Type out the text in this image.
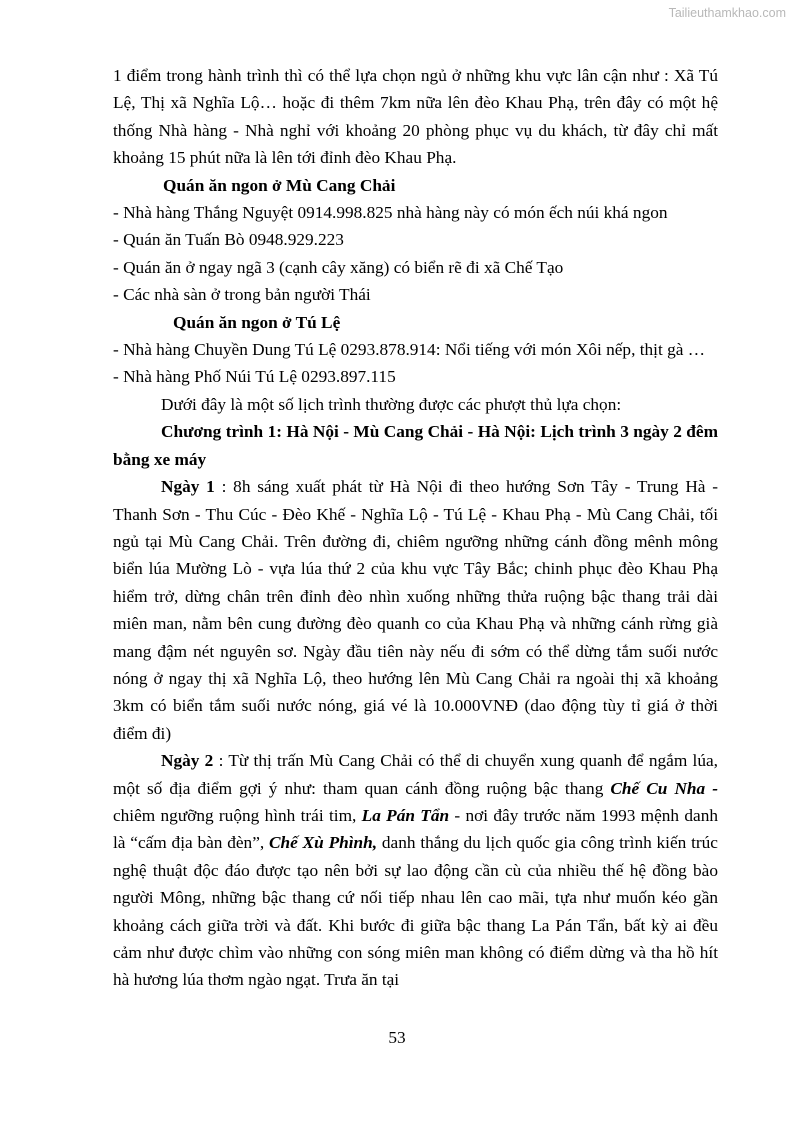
Tailieuthamkhao.com

1 điểm trong hành trình thì có thể lựa chọn ngủ ở những khu vực lân cận như : Xã Tú Lệ, Thị xã Nghĩa Lộ… hoặc đi thêm 7km nữa lên đèo Khau Phạ, trên đây có một hệ thống Nhà hàng - Nhà nghỉ với khoảng 20 phòng phục vụ du khách, từ đây chỉ mất khoảng 15 phút nữa là lên tới đỉnh đèo Khau Phạ.

Quán ăn ngon ở Mù Cang Chải

- Nhà hàng Thắng Nguyệt 0914.998.825 nhà hàng này có món ếch núi khá ngon

- Quán ăn Tuấn Bò 0948.929.223

- Quán ăn ở ngay ngã 3 (cạnh cây xăng) có biển rẽ đi xã Chế Tạo

- Các nhà sàn ở trong bản người Thái

Quán ăn ngon ở Tú Lệ

- Nhà hàng Chuyền Dung Tú Lệ 0293.878.914: Nổi tiếng với món Xôi nếp, thịt gà …

- Nhà hàng Phố Núi Tú Lệ 0293.897.115

Dưới đây là một số lịch trình thường được các phượt thủ lựa chọn:

Chương trình 1: Hà Nội - Mù Cang Chải - Hà Nội: Lịch trình 3 ngày 2 đêm bằng xe máy

Ngày 1 : 8h sáng xuất phát từ Hà Nội đi theo hướng Sơn Tây - Trung Hà - Thanh Sơn - Thu Cúc - Đèo Khế - Nghĩa Lộ - Tú Lệ - Khau Phạ - Mù Cang Chải, tối ngủ tại Mù Cang Chải. Trên đường đi, chiêm ngưỡng những cánh đồng mênh mông biển lúa Mường Lò - vựa lúa thứ 2 của khu vực Tây Bắc; chinh phục đèo Khau Phạ hiểm trở, dừng chân trên đỉnh đèo nhìn xuống những thửa ruộng bậc thang trải dài miên man, nằm bên cung đường đèo quanh co của Khau Phạ và những cánh rừng già mang đậm nét nguyên sơ. Ngày đầu tiên này nếu đi sớm có thể dừng tắm suối nước nóng ở ngay thị xã Nghĩa Lộ, theo hướng lên Mù Cang Chải ra ngoài thị xã khoảng 3km có biển tắm suối nước nóng, giá vé là 10.000VNĐ (dao động tùy tỉ giá ở thời điểm đi)

Ngày 2 : Từ thị trấn Mù Cang Chải có thể di chuyển xung quanh để ngắm lúa, một số địa điểm gợi ý như: tham quan cánh đồng ruộng bậc thang Chế Cu Nha - chiêm ngưỡng ruộng hình trái tim, La Pán Tẩn - nơi đây trước năm 1993 mệnh danh là “cấm địa bàn đèn”, Chế Xù Phình, danh thắng du lịch quốc gia công trình kiến trúc nghệ thuật độc đáo được tạo nên bởi sự lao động cần cù của nhiều thế hệ đồng bào người Mông, những bậc thang cứ nối tiếp nhau lên cao mãi, tựa như muốn kéo gần khoảng cách giữa trời và đất. Khi bước đi giữa bậc thang La Pán Tẩn, bất kỳ ai đều cảm như được chìm vào những con sóng miên man không có điểm dừng và tha hồ hít hà hương lúa thơm ngào ngạt. Trưa ăn tại

53
